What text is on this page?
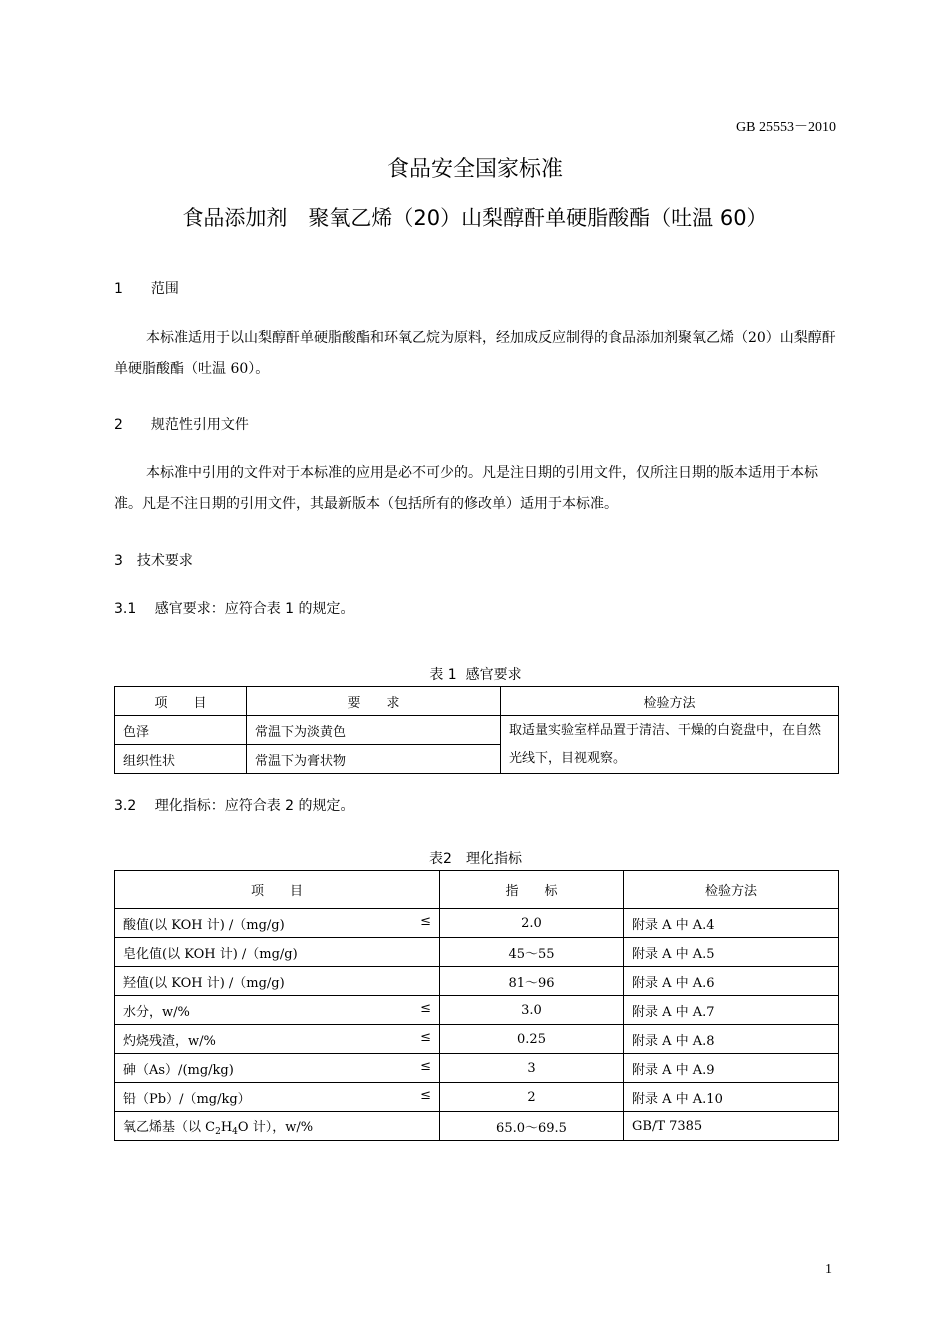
GB 25553－2010
食品安全国家标准
食品添加剂　聚氧乙烯（20）山梨醇酐单硬脂酸酯（吐温 60）
1　　范围
本标准适用于以山梨醇酐单硬脂酸酯和环氧乙烷为原料，经加成反应制得的食品添加剂聚氧乙烯（20）山梨醇酐单硬脂酸酯（吐温 60）。
2　　规范性引用文件
本标准中引用的文件对于本标准的应用是必不可少的。凡是注日期的引用文件，仅所注日期的版本适用于本标准。凡是不注日期的引用文件，其最新版本（包括所有的修改单）适用于本标准。
3　技术要求
3.1　 感官要求：应符合表 1 的规定。
表 1  感官要求
项　　目	要　　求	检验方法
色泽	常温下为淡黄色	取适量实验室样品置于清洁、干燥的白瓷盘中，在自然光线下，目视观察。
组织性状	常温下为膏状物	
3.2　 理化指标：应符合表 2 的规定。
表2　理化指标
项　　目	指　　标	检验方法

酸值(以 KOH 计) /（mg/g) ≤	2.0	附录 A 中 A.4

皂化值(以 KOH 计) /（mg/g)	45～55	附录 A 中 A.5

羟值(以 KOH 计) /（mg/g)	81～96	附录 A 中 A.6

水分，w/% ≤	3.0	附录 A 中 A.7

灼烧残渣，w/% ≤	0.25	附录 A 中 A.8

砷（As）/(mg/kg) ≤	3	附录 A 中 A.9

铅（Pb）/（mg/kg） ≤	2	附录 A 中 A.10
氧乙烯基（以 $C_2H_4O$ 计），w/%	65.0～69.5	GB/T 7385
1
